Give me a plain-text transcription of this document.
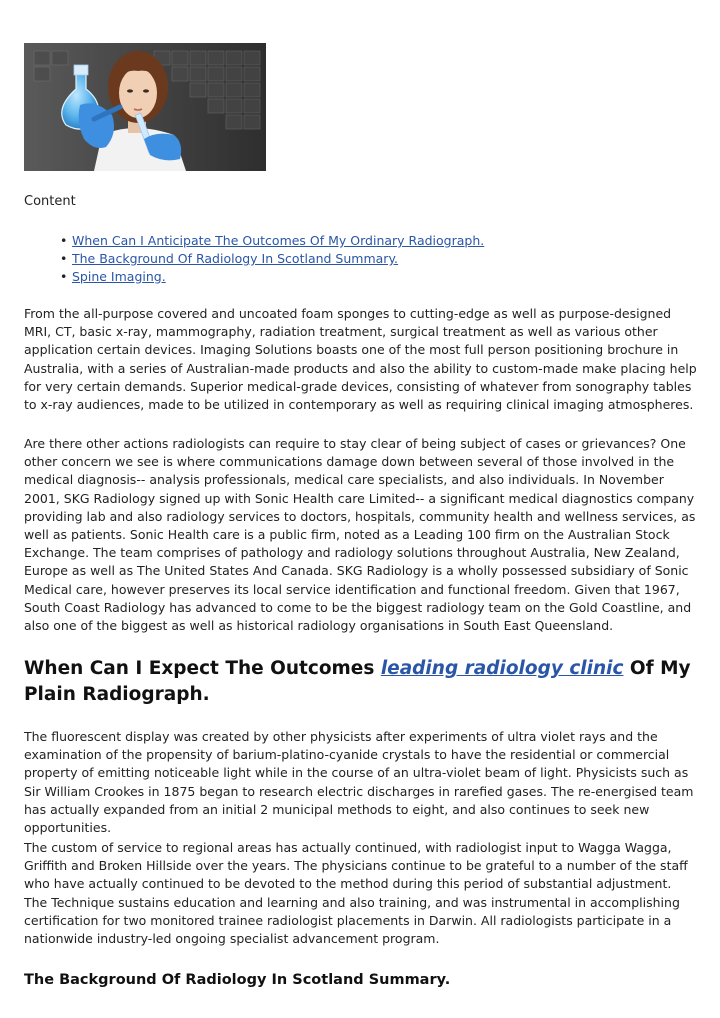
Content

• When Can I Anticipate The Outcomes Of My Ordinary Radiograph.
• The Background Of Radiology In Scotland Summary.
• Spine Imaging.

From the all-purpose covered and uncoated foam sponges to cutting-edge as well as purpose-designed MRI, CT, basic x-ray, mammography, radiation treatment, surgical treatment as well as various other application certain devices. Imaging Solutions boasts one of the most full person positioning brochure in Australia, with a series of Australian-made products and also the ability to custom-made make placing help for very certain demands. Superior medical-grade devices, consisting of whatever from sonography tables to x-ray audiences, made to be utilized in contemporary as well as requiring clinical imaging atmospheres.

Are there other actions radiologists can require to stay clear of being subject of cases or grievances? One other concern we see is where communications damage down between several of those involved in the medical diagnosis-- analysis professionals, medical care specialists, and also individuals. In November 2001, SKG Radiology signed up with Sonic Health care Limited-- a significant medical diagnostics company providing lab and also radiology services to doctors, hospitals, community health and wellness services, as well as patients. Sonic Health care is a public firm, noted as a Leading 100 firm on the Australian Stock Exchange. The team comprises of pathology and radiology solutions throughout Australia, New Zealand, Europe as well as The United States And Canada. SKG Radiology is a wholly possessed subsidiary of Sonic Medical care, however preserves its local service identification and functional freedom. Given that 1967, South Coast Radiology has advanced to come to be the biggest radiology team on the Gold Coastline, and also one of the biggest as well as historical radiology organisations in South East Queensland.

When Can I Expect The Outcomes leading radiology clinic Of My Plain Radiograph.

The fluorescent display was created by other physicists after experiments of ultra violet rays and the examination of the propensity of barium-platino-cyanide crystals to have the residential or commercial property of emitting noticeable light while in the course of an ultra-violet beam of light. Physicists such as Sir William Crookes in 1875 began to research electric discharges in rarefied gases. The re-energised team has actually expanded from an initial 2 municipal methods to eight, and also continues to seek new opportunities.

The custom of service to regional areas has actually continued, with radiologist input to Wagga Wagga, Griffith and Broken Hillside over the years. The physicians continue to be grateful to a number of the staff who have actually continued to be devoted to the method during this period of substantial adjustment. The Technique sustains education and learning and also training, and was instrumental in accomplishing certification for two monitored trainee radiologist placements in Darwin. All radiologists participate in a nationwide industry-led ongoing specialist advancement program.

The Background Of Radiology In Scotland Summary.
